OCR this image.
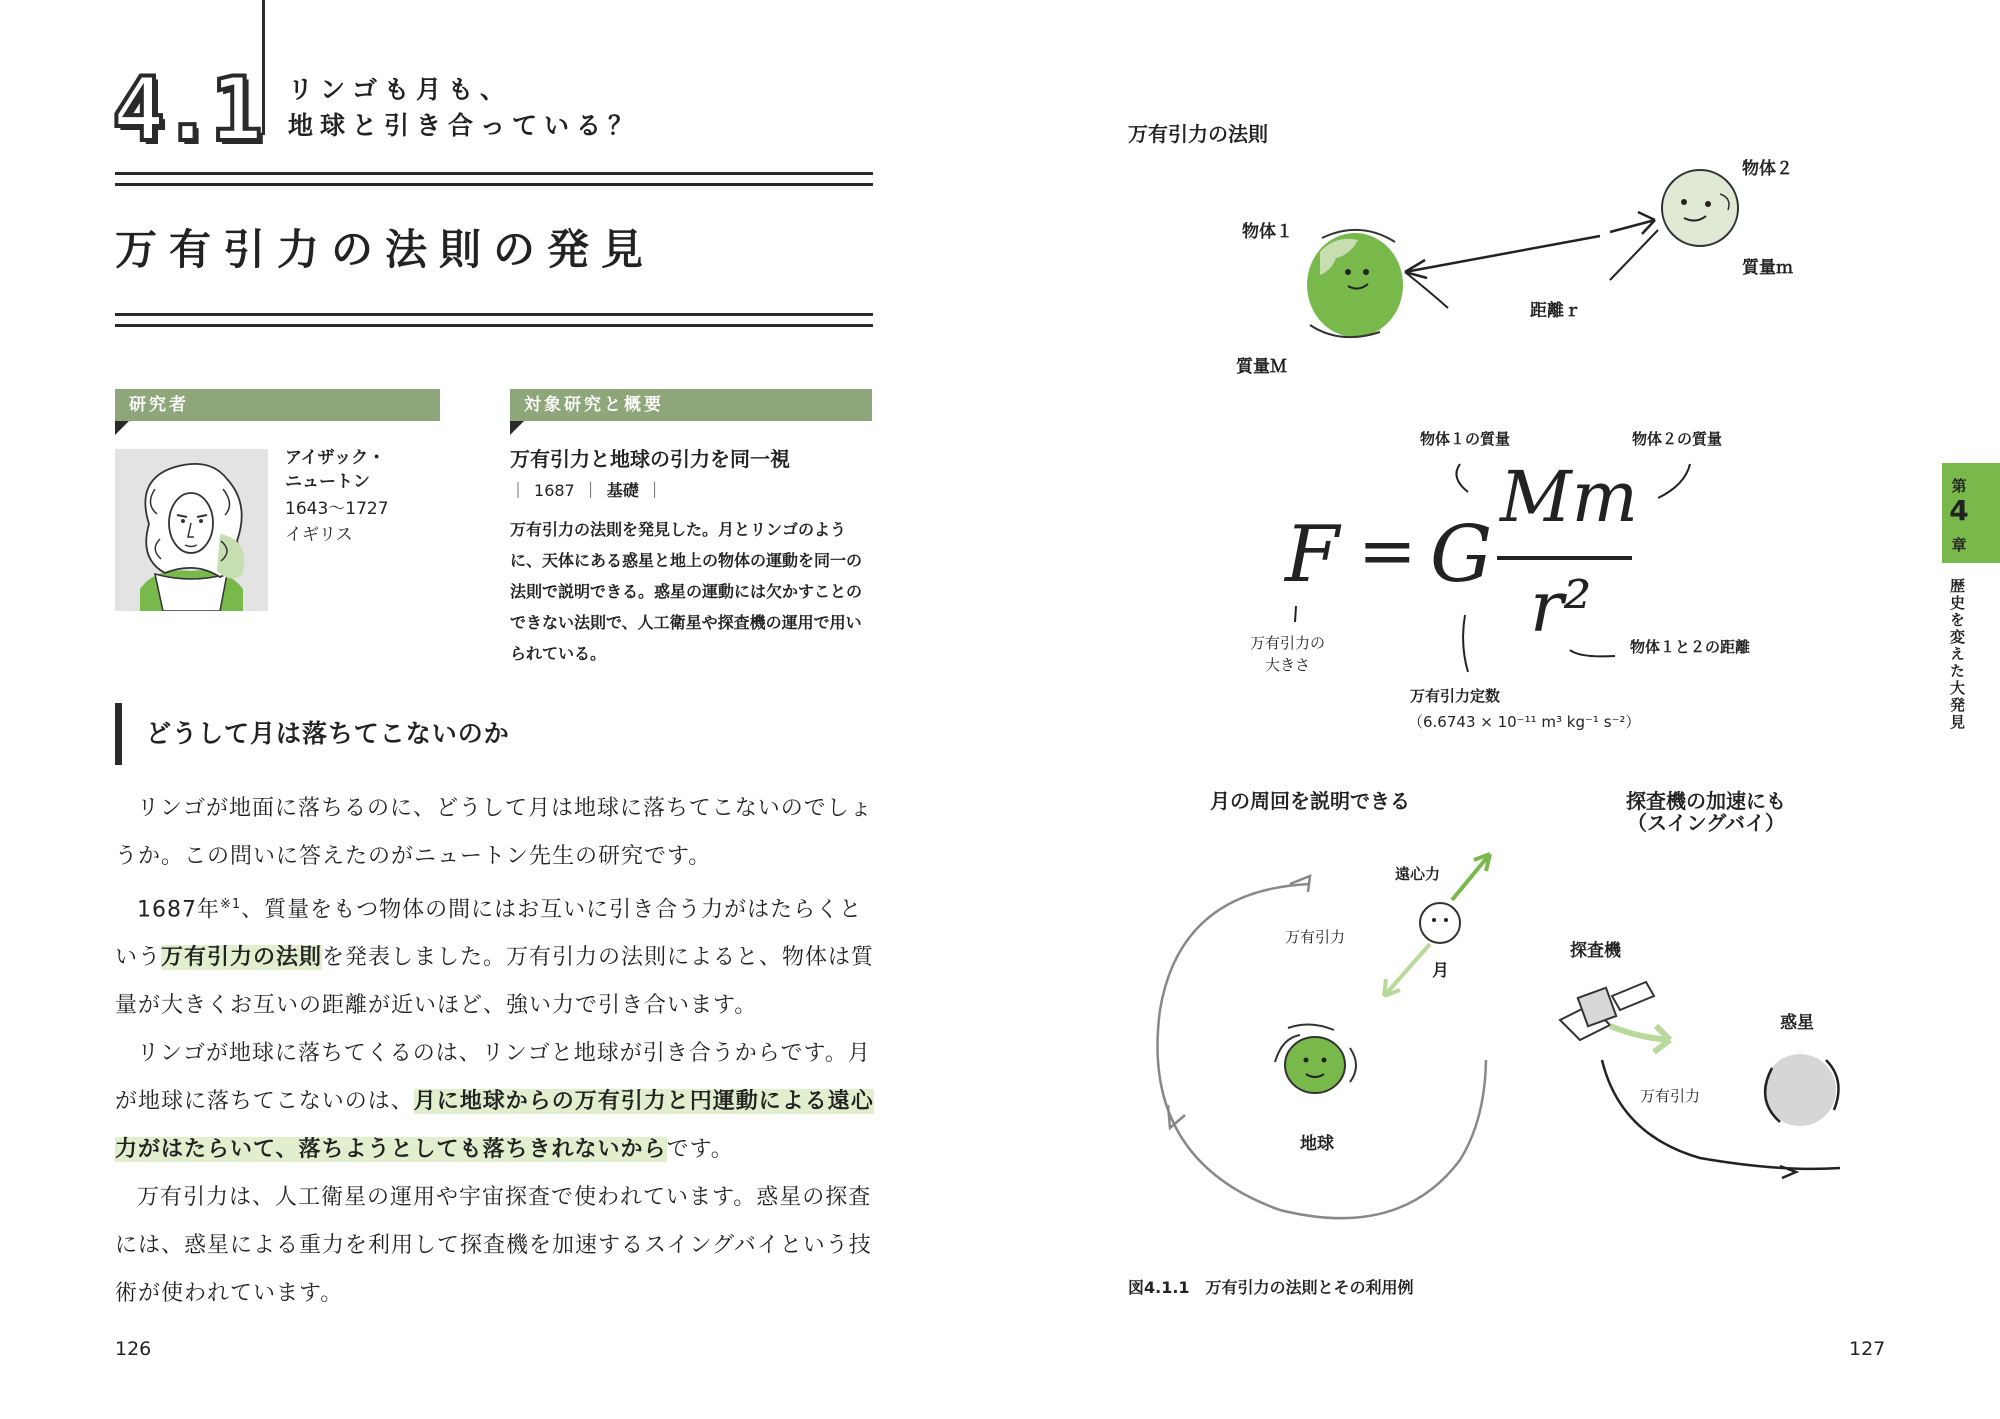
4.1 リンゴも月も、
地球と引き合っている？
万有引力の法則の発見
研究者	対象研究と概要
アイザック・
ニュートン
1643〜1727
イギリス
万有引力と地球の引力を同一視
｜ 1687 ｜ 基礎 ｜
万有引力の法則を発見した。月とリンゴのように、天体にある惑星と地上の物体の運動を同一の法則で説明できる。惑星の運動には欠かすことのできない法則で、人工衛星や探査機の運用で用いられている。
どうして月は落ちてこないのか

リンゴが地面に落ちるのに、どうして月は地球に落ちてこないのでしょうか。この問いに答えたのがニュートン先生の研究です。

1687年$^{※1}$、質量をもつ物体の間にはお互いに引き合う力がはたらくという万有引力の法則を発表しました。万有引力の法則によると、物体は質量が大きくお互いの距離が近いほど、強い力で引き合います。

リンゴが地球に落ちてくるのは、リンゴと地球が引き合うからです。月が地球に落ちてこないのは、月に地球からの万有引力と円運動による遠心力がはたらいて、落ちようとしても落ちきれないからです。

万有引力は、人工衛星の運用や宇宙探査で使われています。惑星の探査には、惑星による重力を利用して探査機を加速するスイングバイという技術が使われています。

126
万有引力の法則
物体１
物体２
質量ｍ
距離ｒ
質量Ｍ
物体１の質量	物体２の質量
F = G
Mm
r²
万有引力の
大きさ
物体１と２の距離
万有引力定数
（6.6743 × 10⁻¹¹ m³ kg⁻¹ s⁻²）
第
4
章
歴史を変えた大発見
月の周回を説明できる
遠心力
万有引力
月
地球
探査機の加速にも
（スイングバイ）
探査機
惑星
万有引力
図4.1.1　万有引力の法則とその利用例
127
